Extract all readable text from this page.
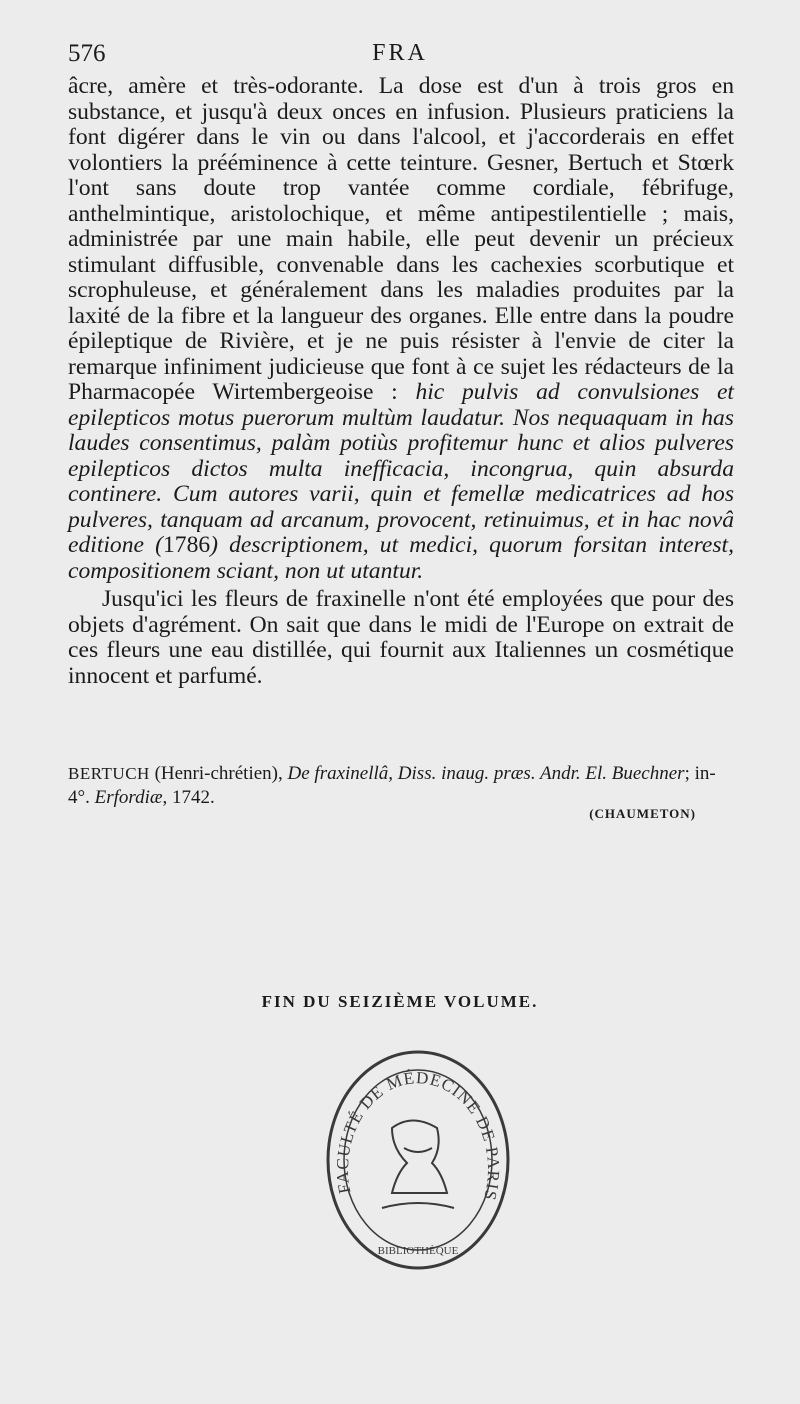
576	FRA

âcre, amère et très-odorante. La dose est d'un à trois gros en substance, et jusqu'à deux onces en infusion. Plusieurs praticiens la font digérer dans le vin ou dans l'alcool, et j'accorderais en effet volontiers la prééminence à cette teinture. Gesner, Bertuch et Stœrk l'ont sans doute trop vantée comme cordiale, fébrifuge, anthelmintique, aristolochique, et même antipestilentielle ; mais, administrée par une main habile, elle peut devenir un précieux stimulant diffusible, convenable dans les cachexies scorbutique et scrophuleuse, et généralement dans les maladies produites par la laxité de la fibre et la langueur des organes. Elle entre dans la poudre épileptique de Rivière, et je ne puis résister à l'envie de citer la remarque infiniment judicieuse que font à ce sujet les rédacteurs de la Pharmacopée Wirtembergeoise : hic pulvis ad convulsiones et epilepticos motus puerorum multùm laudatur. Nos nequaquam in has laudes consentimus, palàm potiùs profitemur hunc et alios pulveres epilepticos dictos multa inefficacia, incongrua, quin absurda continere. Cum autores varii, quin et femellæ medicatrices ad hos pulveres, tanquam ad arcanum, provocent, retinuimus, et in hac novâ editione (1786) descriptionem, ut medici, quorum forsitan interest, compositionem sciant, non ut utantur.

Jusqu'ici les fleurs de fraxinelle n'ont été employées que pour des objets d'agrément. On sait que dans le midi de l'Europe on extrait de ces fleurs une eau distillée, qui fournit aux Italiennes un cosmétique innocent et parfumé.

BERTUCH (Henri-chrétien), De fraxinellâ, Diss. inaug. præs. Andr. El. Buechner; in-4°. Erfordiæ, 1742.
(CHAUMETON)
FIN DU SEIZIÈME VOLUME.
FACULTÉ DE MÉDECINE DE PARIS
BIBLIOTHÈQUE
